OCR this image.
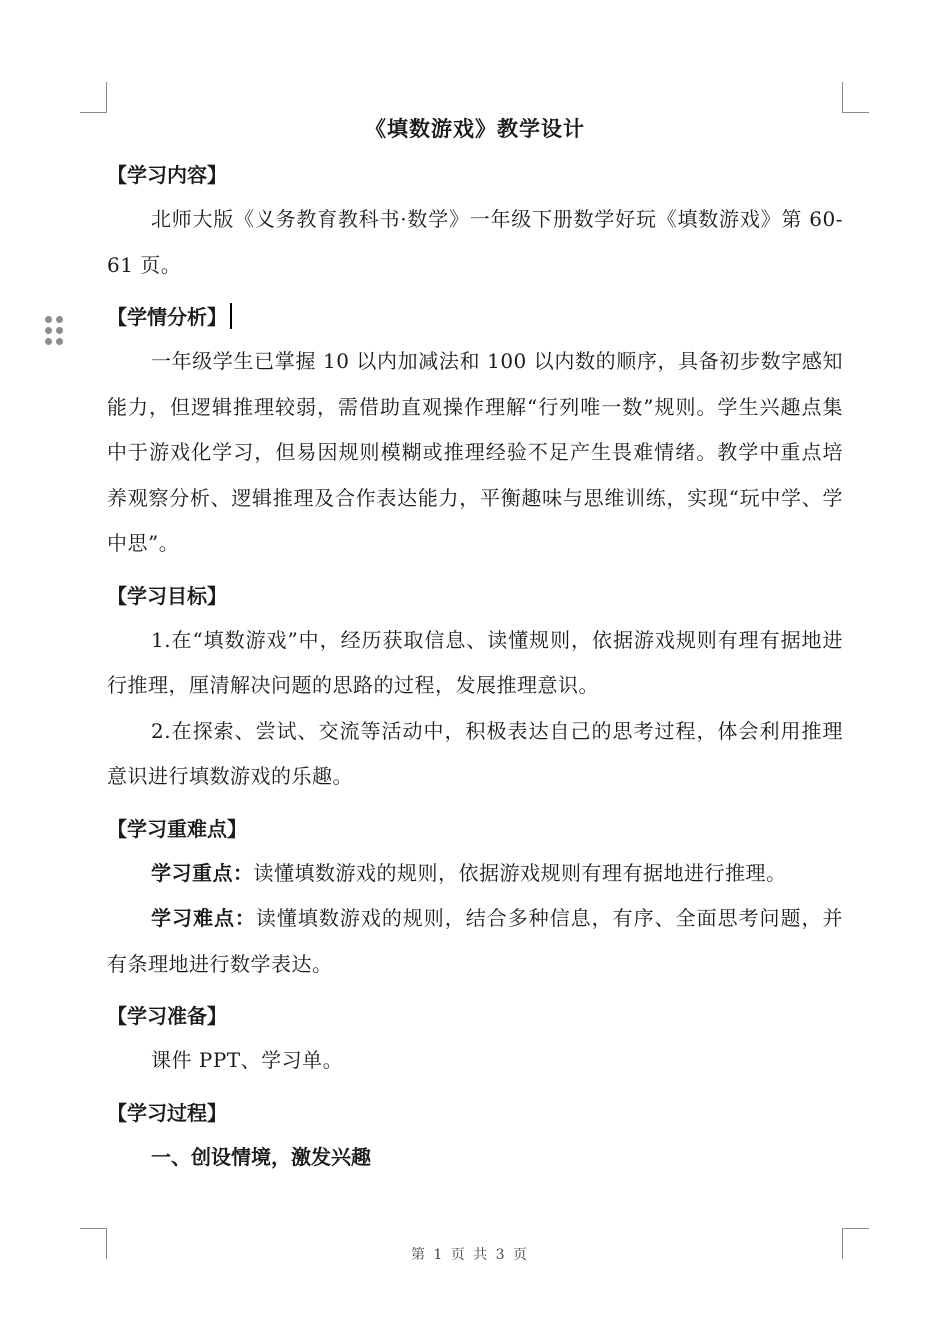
《填数游戏》教学设计
【学习内容】

北师大版《义务教育教科书·数学》一年级下册数学好玩《填数游戏》第 60-61 页。

【学情分析】

一年级学生已掌握 10 以内加减法和 100 以内数的顺序，具备初步数字感知能力，但逻辑推理较弱，需借助直观操作理解“行列唯一数”规则。学生兴趣点集中于游戏化学习，但易因规则模糊或推理经验不足产生畏难情绪。教学中重点培养观察分析、逻辑推理及合作表达能力，平衡趣味与思维训练，实现“玩中学、学中思”。

【学习目标】

1.在“填数游戏”中，经历获取信息、读懂规则，依据游戏规则有理有据地进行推理，厘清解决问题的思路的过程，发展推理意识。

2.在探索、尝试、交流等活动中，积极表达自己的思考过程，体会利用推理意识进行填数游戏的乐趣。

【学习重难点】

学习重点：读懂填数游戏的规则，依据游戏规则有理有据地进行推理。

学习难点：读懂填数游戏的规则，结合多种信息，有序、全面思考问题，并有条理地进行数学表达。

【学习准备】

课件 PPT、学习单。

【学习过程】

一、创设情境，激发兴趣

第 1 页 共 3 页
